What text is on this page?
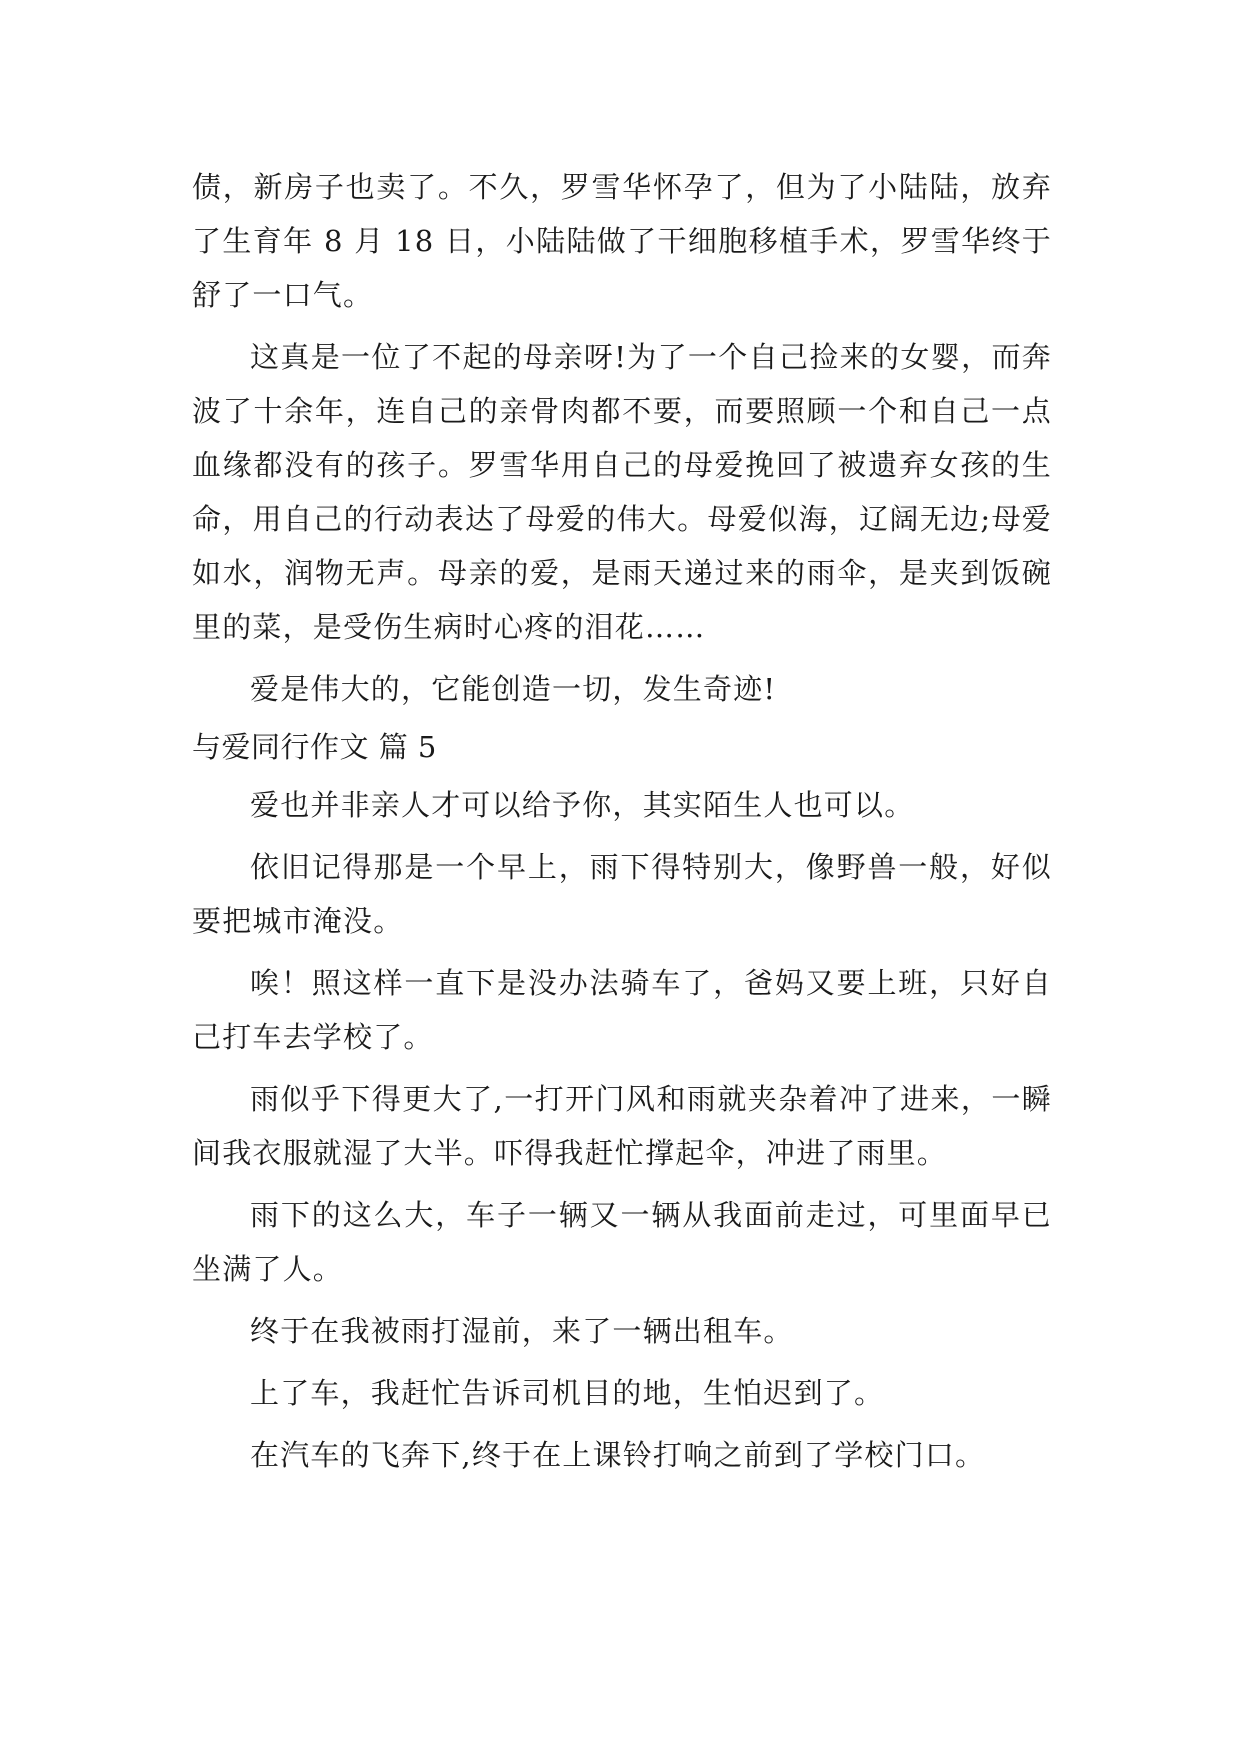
债，新房子也卖了。不久，罗雪华怀孕了，但为了小陆陆，放弃了生育年 8 月 18 日，小陆陆做了干细胞移植手术，罗雪华终于舒了一口气。

这真是一位了不起的母亲呀!为了一个自己捡来的女婴，而奔波了十余年，连自己的亲骨肉都不要，而要照顾一个和自己一点血缘都没有的孩子。罗雪华用自己的母爱挽回了被遗弃女孩的生命，用自己的行动表达了母爱的伟大。母爱似海，辽阔无边;母爱如水，润物无声。母亲的爱，是雨天递过来的雨伞，是夹到饭碗里的菜，是受伤生病时心疼的泪花……

爱是伟大的，它能创造一切，发生奇迹!

与爱同行作文 篇 5

爱也并非亲人才可以给予你，其实陌生人也可以。

依旧记得那是一个早上，雨下得特别大，像野兽一般，好似要把城市淹没。

唉！照这样一直下是没办法骑车了，爸妈又要上班，只好自己打车去学校了。

雨似乎下得更大了,一打开门风和雨就夹杂着冲了进来，一瞬间我衣服就湿了大半。吓得我赶忙撑起伞，冲进了雨里。

雨下的这么大，车子一辆又一辆从我面前走过，可里面早已坐满了人。

终于在我被雨打湿前，来了一辆出租车。

上了车，我赶忙告诉司机目的地，生怕迟到了。

在汽车的飞奔下,终于在上课铃打响之前到了学校门口。
